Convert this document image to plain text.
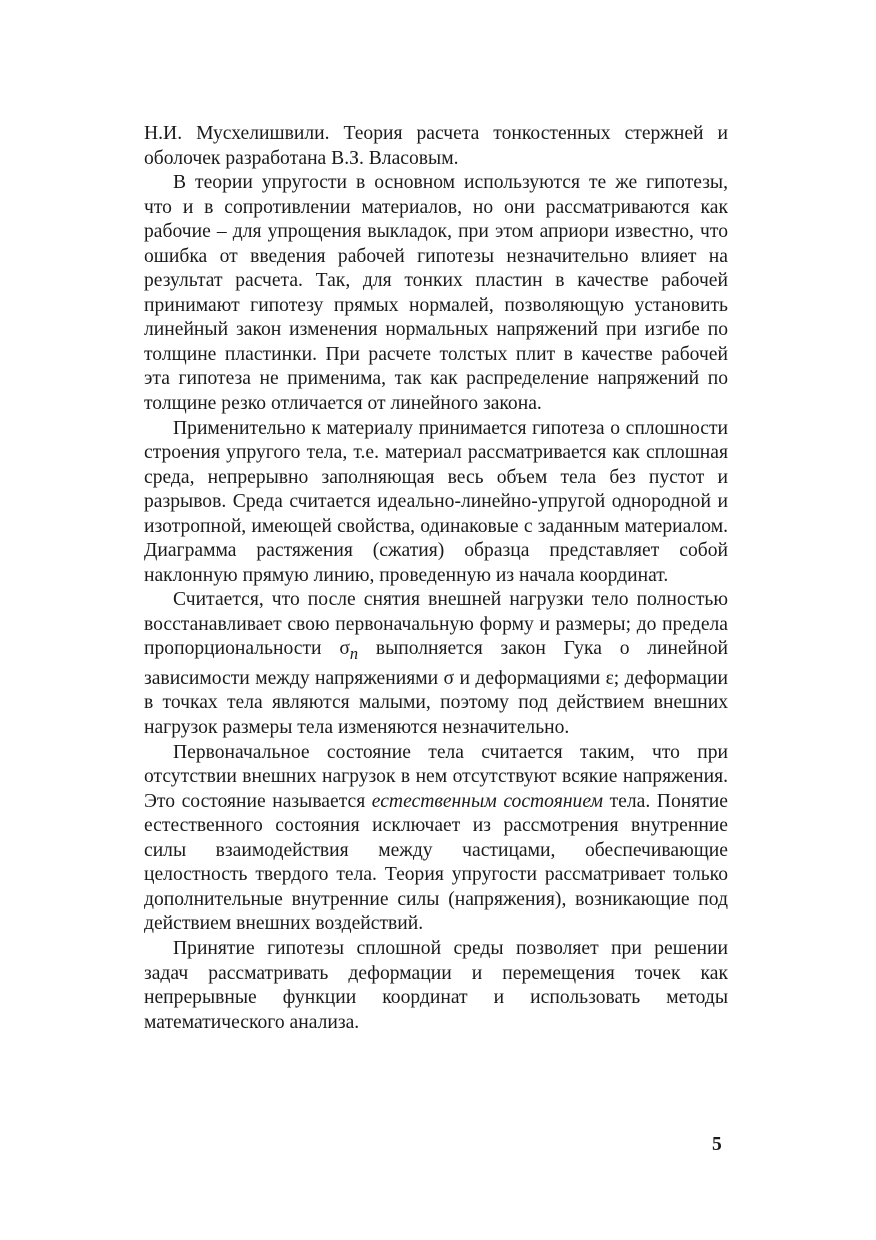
Н.И. Мусхелишвили. Теория расчета тонкостенных стержней и оболочек разработана В.З. Власовым.

В теории упругости в основном используются те же гипотезы, что и в сопротивлении материалов, но они рассматриваются как рабочие – для упрощения выкладок, при этом априори известно, что ошибка от введения рабочей гипотезы незначительно влияет на результат расчета. Так, для тонких пластин в качестве рабочей принимают гипотезу прямых нормалей, позволяющую установить линейный закон изменения нормальных напряжений при изгибе по толщине пластинки. При расчете толстых плит в качестве рабочей эта гипотеза не применима, так как распределение напряжений по толщине резко отличается от линейного закона.

Применительно к материалу принимается гипотеза о сплошности строения упругого тела, т.е. материал рассматривается как сплошная среда, непрерывно заполняющая весь объем тела без пустот и разрывов. Среда считается идеально-линейно-упругой однородной и изотропной, имеющей свойства, одинаковые с заданным материалом. Диаграмма растяжения (сжатия) образца представляет собой наклонную прямую линию, проведенную из начала координат.

Считается, что после снятия внешней нагрузки тело полностью восстанавливает свою первоначальную форму и размеры; до предела пропорциональности $\sigma_п$ выполняется закон Гука о линейной зависимости между напряжениями σ и деформациями ε; деформации в точках тела являются малыми, поэтому под действием внешних нагрузок размеры тела изменяются незначительно.

Первоначальное состояние тела считается таким, что при отсутствии внешних нагрузок в нем отсутствуют всякие напряжения. Это состояние называется естественным состоянием тела. Понятие естественного состояния исключает из рассмотрения внутренние силы взаимодействия между частицами, обеспечивающие целостность твердого тела. Теория упругости рассматривает только дополнительные внутренние силы (напряжения), возникающие под действием внешних воздействий.

Принятие гипотезы сплошной среды позволяет при решении задач рассматривать деформации и перемещения точек как непрерывные функции координат и использовать методы математического анализа.

5
